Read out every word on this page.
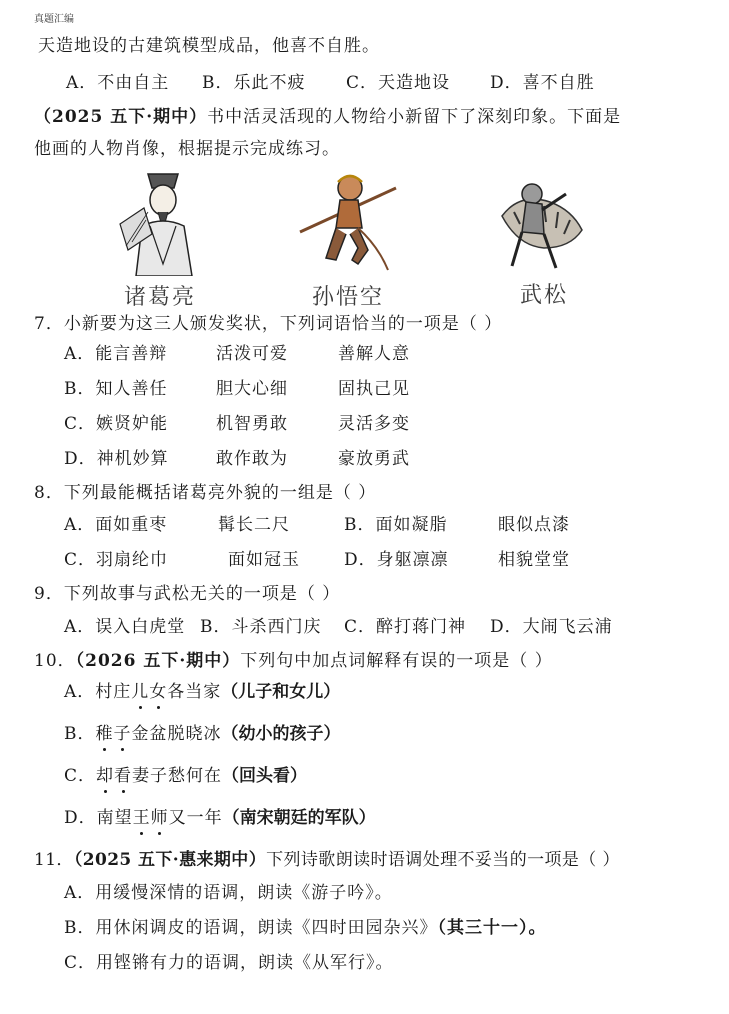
真题汇编
天造地设的古建筑模型成品，他喜不自胜。
A．不由自主 B．乐此不疲 C．天造地设 D．喜不自胜
（2025 五下·期中）书中活灵活现的人物给小新留下了深刻印象。下面是
他画的人物肖像，根据提示完成练习。
诸葛亮	孙悟空	武松
7．小新要为这三人颁发奖状，下列词语恰当的一项是（ ）
A．能言善辩	活泼可爱	善解人意
B．知人善任	胆大心细	固执己见
C．嫉贤妒能	机智勇敢	灵活多变
D．神机妙算	敢作敢为	豪放勇武
8．下列最能概括诸葛亮外貌的一组是（ ）
A．面如重枣	髯长二尺	B．面如凝脂	眼似点漆
C．羽扇纶巾	面如冠玉	D．身躯凛凛	相貌堂堂
9．下列故事与武松无关的一项是（ ）
A．误入白虎堂 B．斗杀西门庆 C．醉打蒋门神 D．大闹飞云浦
10．（2026 五下·期中）下列句中加点词解释有误的一项是（ ）
A．村庄儿女各当家（儿子和女儿）
B．稚子金盆脱晓冰（幼小的孩子）
C．却看妻子愁何在（回头看）
D．南望王师又一年（南宋朝廷的军队）
11．（2025 五下·惠来期中）下列诗歌朗读时语调处理不妥当的一项是（ ）
A．用缓慢深情的语调，朗读《游子吟》。
B．用休闲调皮的语调，朗读《四时田园杂兴》（其三十一）。
C．用铿锵有力的语调，朗读《从军行》。
